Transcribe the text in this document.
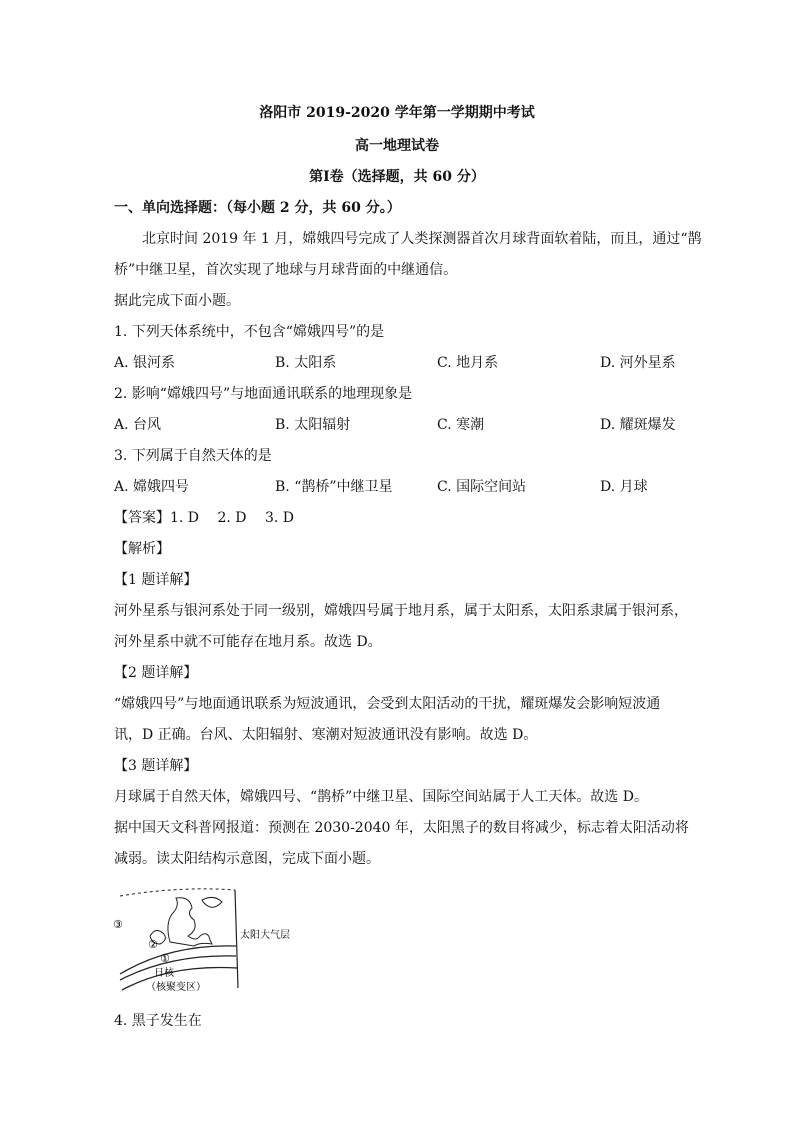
洛阳市 2019-2020 学年第一学期期中考试
高一地理试卷
第Ⅰ卷（选择题，共 60 分）
一、单向选择题：（每小题 2 分，共 60 分。）
北京时间 2019 年 1 月，嫦娥四号完成了人类探测器首次月球背面软着陆，而且，通过“鹊
桥”中继卫星，首次实现了地球与月球背面的中继通信。
据此完成下面小题。
1. 下列天体系统中，不包含“嫦娥四号”的是
A. 银河系	B. 太阳系	C. 地月系	D. 河外星系
2. 影响“嫦娥四号”与地面通讯联系的地理现象是
A. 台风	B. 太阳辐射	C. 寒潮	D. 耀斑爆发
3. 下列属于自然天体的是
A. 嫦娥四号	B. “鹊桥”中继卫星	C. 国际空间站	D. 月球
【答案】1. D　 2. D　 3. D
【解析】
【1 题详解】
河外星系与银河系处于同一级别，嫦娥四号属于地月系，属于太阳系，太阳系隶属于银河系，
河外星系中就不可能存在地月系。故选 D。
【2 题详解】
“嫦娥四号”与地面通讯联系为短波通讯，会受到太阳活动的干扰，耀斑爆发会影响短波通
讯，D 正确。台风、太阳辐射、寒潮对短波通讯没有影响。故选 D。
【3 题详解】
月球属于自然天体，嫦娥四号、“鹊桥”中继卫星、国际空间站属于人工天体。故选 D。
据中国天文科普网报道：预测在 2030-2040 年，太阳黑子的数目将减少，标志着太阳活动将
减弱。读太阳结构示意图，完成下面小题。
③
②
①
太阳大气层
日核
（核聚变区）
4. 黑子发生在
